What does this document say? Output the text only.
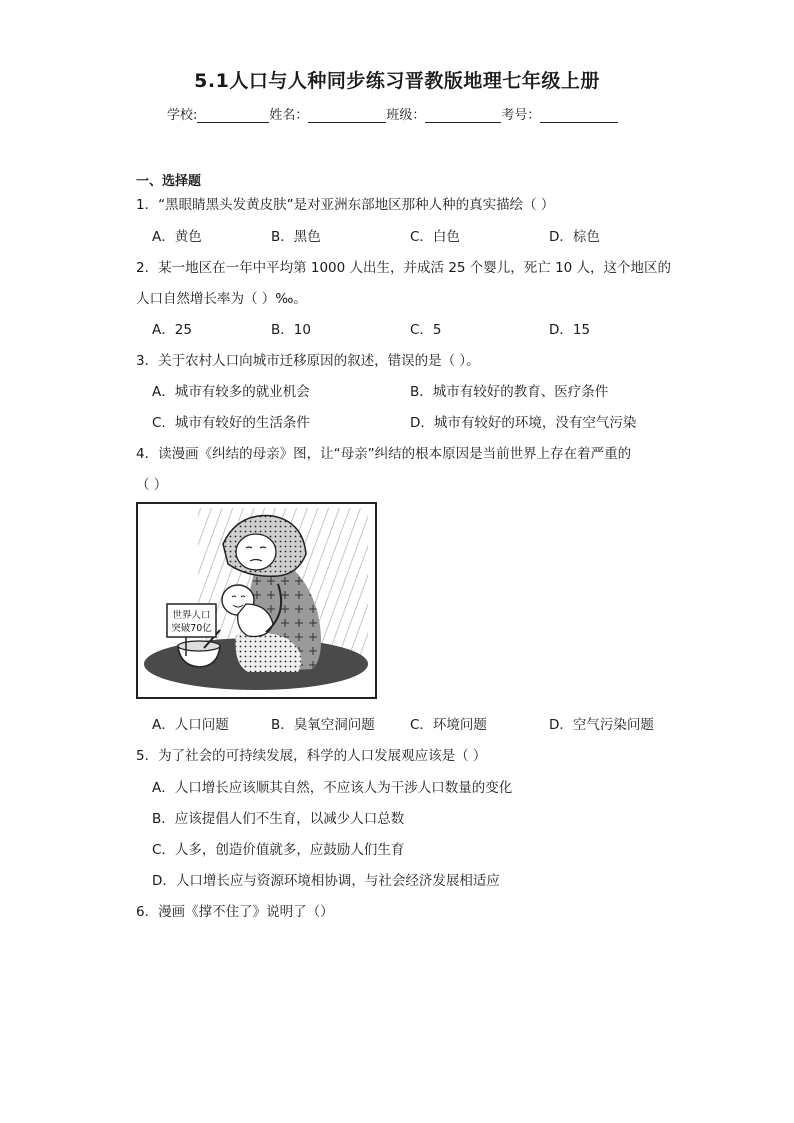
5.1人口与人种同步练习晋教版地理七年级上册
学校:	姓名：	班级：	考号：
一、选择题
1．“黑眼睛黑头发黄皮肤”是对亚洲东部地区那种人种的真实描绘（ ）
A．黄色	B．黑色	C．白色	D．棕色
2．某一地区在一年中平均第 1000 人出生，并成活 25 个婴儿，死亡 10 人，这个地区的
人口自然增长率为（ ）‰。
A．25	B．10	C．5	D．15
3．关于农村人口向城市迁移原因的叙述，错误的是（ ）。
A．城市有较多的就业机会	B．城市有较好的教育、医疗条件
C．城市有较好的生活条件	D．城市有较好的环境，没有空气污染
4．读漫画《纠结的母亲》图，让“母亲”纠结的根本原因是当前世界上存在着严重的
（ ）
世界人口
突破70亿
A．人口问题	B．臭氧空洞问题	C．环境问题	D．空气污染问题
5．为了社会的可持续发展，科学的人口发展观应该是（ ）
A．人口增长应该顺其自然，不应该人为干涉人口数量的变化
B．应该提倡人们不生育，以减少人口总数
C．人多，创造价值就多，应鼓励人们生育
D．人口增长应与资源环境相协调，与社会经济发展相适应
6．漫画《撑不住了》说明了（）
